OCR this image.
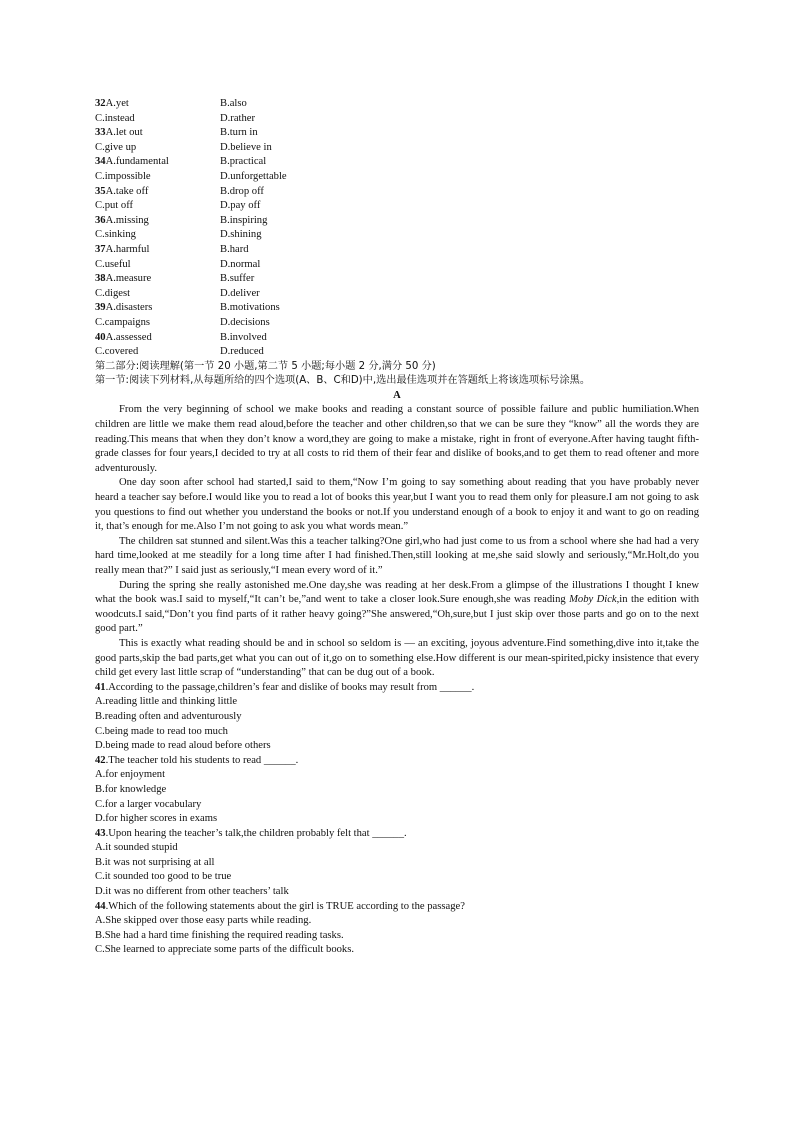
32A.yet	B.also
C.instead	D.rather
33A.let out	B.turn in
C.give up	D.believe in
34A.fundamental	B.practical
C.impossible	D.unforgettable
35A.take off	B.drop off
C.put off	D.pay off
36A.missing	B.inspiring
C.sinking	D.shining
37A.harmful	B.hard
C.useful	D.normal
38A.measure	B.suffer
C.digest	D.deliver
39A.disasters	B.motivations
C.campaigns	D.decisions
40A.assessed	B.involved
C.covered	D.reduced
第二部分:阅读理解(第一节 20 小题,第二节 5 小题;每小题 2 分,满分 50 分)
第一节:阅读下列材料,从每题所给的四个选项(A、B、C和D)中,选出最佳选项并在答题纸上将该选项标号涂黑。
A

From the very beginning of school we make books and reading a constant source of possible failure and public humiliation.When children are little we make them read aloud,before the teacher and other children,so that we can be sure they “know” all the words they are reading.This means that when they don’t know a word,they are going to make a mistake, right in front of everyone.After having taught fifth-grade classes for four years,I decided to try at all costs to rid them of their fear and dislike of books,and to get them to read oftener and more adventurously.

One day soon after school had started,I said to them,“Now I’m going to say something about reading that you have probably never heard a teacher say before.I would like you to read a lot of books this year,but I want you to read them only for pleasure.I am not going to ask you questions to find out whether you understand the books or not.If you understand enough of a book to enjoy it and want to go on reading it, that’s enough for me.Also I’m not going to ask you what words mean.”

The children sat stunned and silent.Was this a teacher talking?One girl,who had just come to us from a school where she had had a very hard time,looked at me steadily for a long time after I had finished.Then,still looking at me,she said slowly and seriously,“Mr.Holt,do you really mean that?” I said just as seriously,“I mean every word of it.”

During the spring she really astonished me.One day,she was reading at her desk.From a glimpse of the illustrations I thought I knew what the book was.I said to myself,“It can’t be,”and went to take a closer look.Sure enough,she was reading Moby Dick,in the edition with woodcuts.I said,“Don’t you find parts of it rather heavy going?”She answered,“Oh,sure,but I just skip over those parts and go on to the next good part.”

This is exactly what reading should be and in school so seldom is — an exciting, joyous adventure.Find something,dive into it,take the good parts,skip the bad parts,get what you can out of it,go on to something else.How different is our mean-spirited,picky insistence that every child get every last little scrap of “understanding” that can be dug out of a book.

41.According to the passage,children’s fear and dislike of books may result from ______.
A.reading little and thinking little
B.reading often and adventurously
C.being made to read too much
D.being made to read aloud before others
42.The teacher told his students to read ______.
A.for enjoyment
B.for knowledge
C.for a larger vocabulary
D.for higher scores in exams
43.Upon hearing the teacher’s talk,the children probably felt that ______.
A.it sounded stupid
B.it was not surprising at all
C.it sounded too good to be true
D.it was no different from other teachers’ talk
44.Which of the following statements about the girl is TRUE according to the passage?
A.She skipped over those easy parts while reading.
B.She had a hard time finishing the required reading tasks.
C.She learned to appreciate some parts of the difficult books.
